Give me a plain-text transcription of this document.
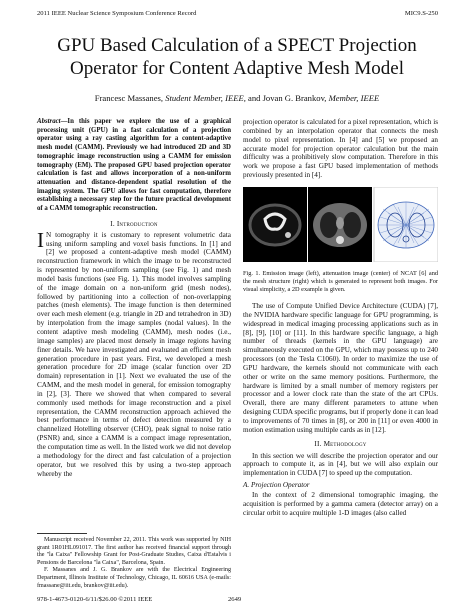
2011 IEEE Nuclear Science Symposium Conference Record	MIC9.S-250
GPU Based Calculation of a SPECT Projection
Operator for Content Adaptive Mesh Model
Francesc Massanes, Student Member, IEEE, and Jovan G. Brankov, Member, IEEE
Abstract—In this paper we explore the use of a graphical processing unit (GPU) in a fast calculation of a projection operator using a ray casting algorithm for a content-adaptive mesh model (CAMM). Previously we had introduced 2D and 3D tomographic image reconstruction using a CAMM for emission tomography (EM). The proposed GPU based projection operator calculation is fast and allows incorporation of a non-uniform attenuation and distance-dependent spatial resolution of the imaging system. The GPU allows for fast computation, therefore establishing a necessary step for the future practical development of a CAMM tomographic reconstruction.
I. Introduction
I N tomography it is customary to represent volumetric data using uniform sampling and voxel basis functions. In [1] and [2] we proposed a content-adaptive mesh model (CAMM) reconstruction framework in which the image to be reconstructed is represented by non-uniform sampling (see Fig. 1) and mesh model basis functions (see Fig. 1). This model involves sampling of the image domain on a non-uniform grid (mesh nodes), followed by partitioning into a collection of non-overlapping patches (mesh elements). The image function is then determined over each mesh element (e.g. triangle in 2D and tetrahedron in 3D) by interpolation from the image samples (nodal values). In the content adaptive mesh modeling (CAMM), mesh nodes (i.e., image samples) are placed most densely in image regions having finer details. We have investigated and evaluated an efficient mesh generation procedure in past years. First, we developed a mesh generation procedure for 2D image (scalar function over 2D domain) representation in [1]. Next we evaluated the use of the CAMM, and the mesh model in general, for emission tomography in [2], [3]. There we showed that when compared to several commonly used methods for image reconstruction and a pixel representation, the CAMM reconstruction approach achieved the best performance in terms of defect detection measured by a channelized Hotelling observer (CHO), peak signal to noise ratio (PSNR) and, since a CAMM is a compact image representation, the computation time as well. In the listed work we did not develop a methodology for the direct and fast calculation of a projection operator, but we resolved this by using a two-step approach whereby the

Manuscript received November 22, 2011. This work was supported by NIH grant 1R01HL091017. The first author has received financial support through the "la Caixa" Fellowship Grant for Post-Graduate Studies, Caixa d'Estalvis i Pensions de Barcelona "la Caixa", Barcelona, Spain.

F. Massanes and J. G. Brankov are with the Electrical Engineering Department, Illinois Institute of Technology, Chicago, IL 60616 USA (e-mails: fmassane@iit.edu, brankov@iit.edu).

projection operator is calculated for a pixel representation, which is combined by an interpolation operator that connects the mesh model to pixel representation. In [4] and [5] we proposed an accurate model for projection operator calculation but the main difficulty was a prohibitively slow computation. Therefore in this work we propose a fast GPU based implementation of methods previously presented in [4].

Fig. 1. Emission image (left), attenuation image (center) of NCAT [6] and the mesh structure (right) which is generated to represent both images. For visual simplicity, a 2D example is given.

The use of Compute Unified Device Architecture (CUDA) [7], the NVIDIA hardware specific language for GPU programming, is widespread in medical imaging processing applications such as in [8], [9], [10] or [11]. In this hardware specific language, a high number of threads (kernels in the GPU language) are simultaneously executed on the GPU, which may possess up to 240 processors (on the Tesla C1060). In order to maximize the use of GPU hardware, the kernels should not communicate with each other or write on the same memory positions. Furthermore, the hardware is limited by a small number of memory registers per processor and a lower clock rate than the state of the art CPUs. Overall, there are many different parameters to attune when designing CUDA specific programs, but if properly done it can lead to improvements of 70 times in [8], or 200 in [11] or even 4000 in motion estimation using multiple cards as in [12].

II. Methodology

In this section we will describe the projection operator and our approach to compute it, as in [4], but we will also explain our implementation in CUDA [7] to speed up the computation.

A. Projection Operator

In the context of 2 dimensional tomographic imaging, the acquisition is performed by a gamma camera (detector array) on a circular orbit to acquire multiple 1-D images (also called

978-1-4673-0120-6/11/$26.00 ©2011 IEEE	2649
